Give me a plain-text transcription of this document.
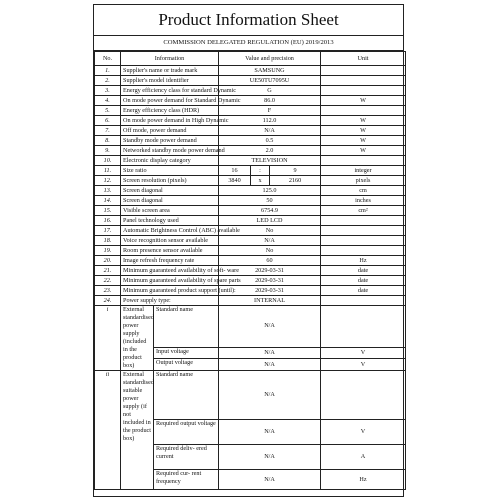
Product Information Sheet
COMMISSION DELEGATED REGULATION (EU) 2019/2013
No.	Information		Value and precision			Unit
1.	Supplier's name or trade mark		SAMSUNG			
2.	Supplier's model identifier		UE50TU7095U			
3.	Energy efficiency class for standard Dynamic		G			
4.	On mode power demand for Standard Dynamic		86.0			W
5.	Energy efficiency class (HDR)		F			
6.	On mode power demand in High Dynamic		112.0			W
7.	Off mode, power demand		N/A			W
8.	Standby mode power demand		0.5			W
9.	Networked standby mode power demand		2.0			W
10.	Electronic display category		TELEVISION			
11.	Size ratio		16	:	9	integer
12.	Screen resolution (pixels)		3840	x	2160	pixels
13.	Screen diagonal		125.0			cm
14.	Screen diagonal		50			inches
15.	Visible screen area		6754.9			cm²
16.	Panel technology used		LED LCD			
17.	Automatic Brightness Control (ABC) available		No			
18.	Voice recognition sensor available		N/A			
19.	Room presence sensor available		No			
20.	Image refresh frequency rate		60			Hz
21.	Minimum guaranteed availability of soft- ware		2029-03-31			date
22.	Minimum guaranteed availability of spare parts		2029-03-31			date
23.	Minimum guaranteed product support (until):		2029-03-31			date
24.	Power supply type:		INTERNAL			
i	External standardised power supply (included in the product box)	Standard name	N/A			
		Input voltage	N/A			V
		Output voltage	N/A			V
ii	External standardised suitable power supply (if not included in the product box)	Standard name	N/A			
		Required output voltage	N/A			V
		Required deliv- ered current	N/A			A
		Required cur- rent frequency	N/A			Hz
